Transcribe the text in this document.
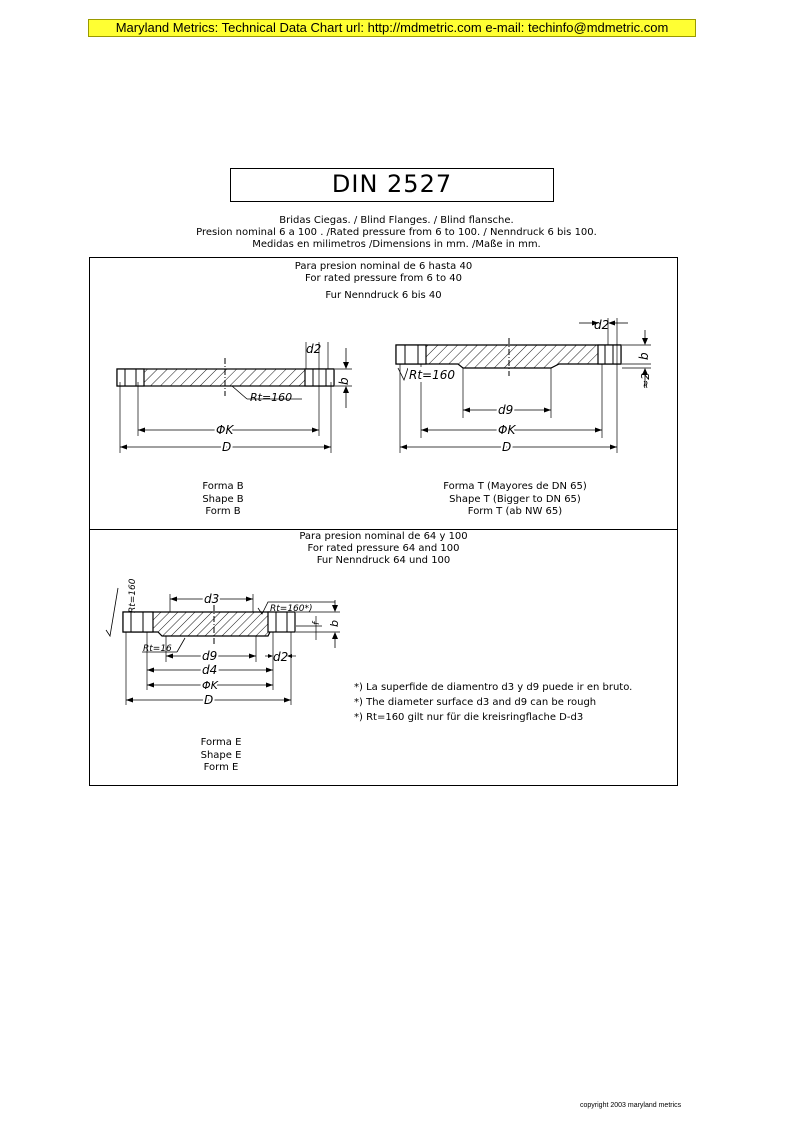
Maryland Metrics: Technical Data Chart url: http://mdmetric.com e-mail: techinfo@mdmetric.com
DIN 2527
Bridas Ciegas. / Blind Flanges. / Blind flansche.
Presion nominal 6 a 100 . /Rated pressure from 6 to 100. / Nenndruck 6 bis 100.
Medidas en milimetros /Dimensions in mm. /Maße in mm.
Para presion nominal de 6 hasta 40
For rated pressure from 6 to 40
Fur Nenndruck 6 bis 40
b
ΦK
D
d2
Rt=160
d2
b
≈2
d9
ΦK
D
Rt=160
Forma B
Shape B
Form B
Forma T (Mayores de DN 65)
Shape T (Bigger to DN 65)
Form T (ab NW 65)
Para presion nominal de 64 y 100
For rated pressure 64 and 100
Fur Nenndruck 64 und 100
d3
d9
d4
ΦK
D
d2
f b
Rt=160	Rt=160*)
Rt=16
*) La superfide de diamentro d3 y d9 puede ir en bruto.
*) The diameter surface d3 and d9 can be rough
*) Rt=160 gilt nur für die kreisringflache D-d3
Forma E
Shape E
Form E
copyright 2003 maryland metrics
